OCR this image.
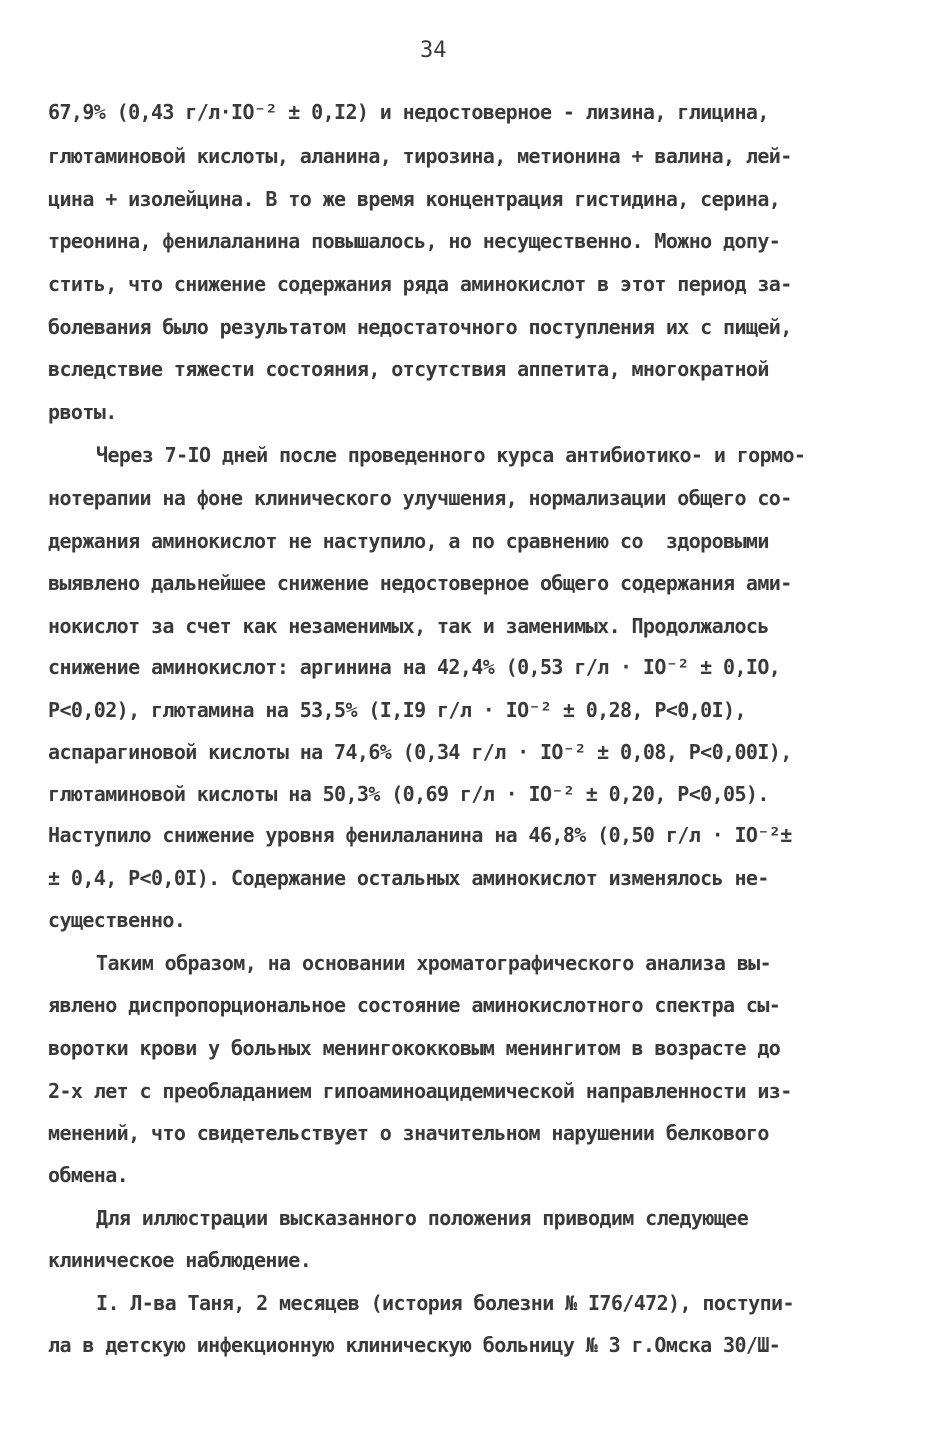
34
67,9% (0,43 г/л·IO⁻² ± 0,I2) и недостоверное - лизина, глицина,
глютаминовой кислоты, аланина, тирозина, метионина + валина, лей-
цина + изолейцина. В то же время концентрация гистидина, серина,
треонина, фенилаланина повышалось, но несущественно. Можно допу-
стить, что снижение содержания ряда аминокислот в этот период за-
болевания было результатом недостаточного поступления их с пищей,
вследствие тяжести состояния, отсутствия аппетита, многократной
рвоты.
Через 7-IO дней после проведенного курса антибиотико- и гормо-
нотерапии на фоне клинического улучшения, нормализации общего со-
держания аминокислот не наступило, а по сравнению со  здоровыми
выявлено дальнейшее снижение недостоверное общего содержания ами-
нокислот за счет как незаменимых, так и заменимых. Продолжалось
снижение аминокислот: аргинина на 42,4% (0,53 г/л · IO⁻² ± 0,IO,
P<0,02), глютамина на 53,5% (I,I9 г/л · IO⁻² ± 0,28, P<0,0I),
аспарагиновой кислоты на 74,6% (0,34 г/л · IO⁻² ± 0,08, P<0,00I),
глютаминовой кислоты на 50,3% (0,69 г/л · IO⁻² ± 0,20, P<0,05).
Наступило снижение уровня фенилаланина на 46,8% (0,50 г/л · IO⁻²±
± 0,4, P<0,0I). Содержание остальных аминокислот изменялось не-
существенно.
Таким образом, на основании хроматографического анализа вы-
явлено диспропорциональное состояние аминокислотного спектра сы-
воротки крови у больных менингококковым менингитом в возрасте до
2-х лет с преобладанием гипоаминоацидемической направленности из-
менений, что свидетельствует о значительном нарушении белкового
обмена.
Для иллюстрации высказанного положения приводим следующее
клиническое наблюдение.
I. Л-ва Таня, 2 месяцев (история болезни № I76/472), поступи-
ла в детскую инфекционную клиническую больницу № 3 г.Омска 30/Ш-
